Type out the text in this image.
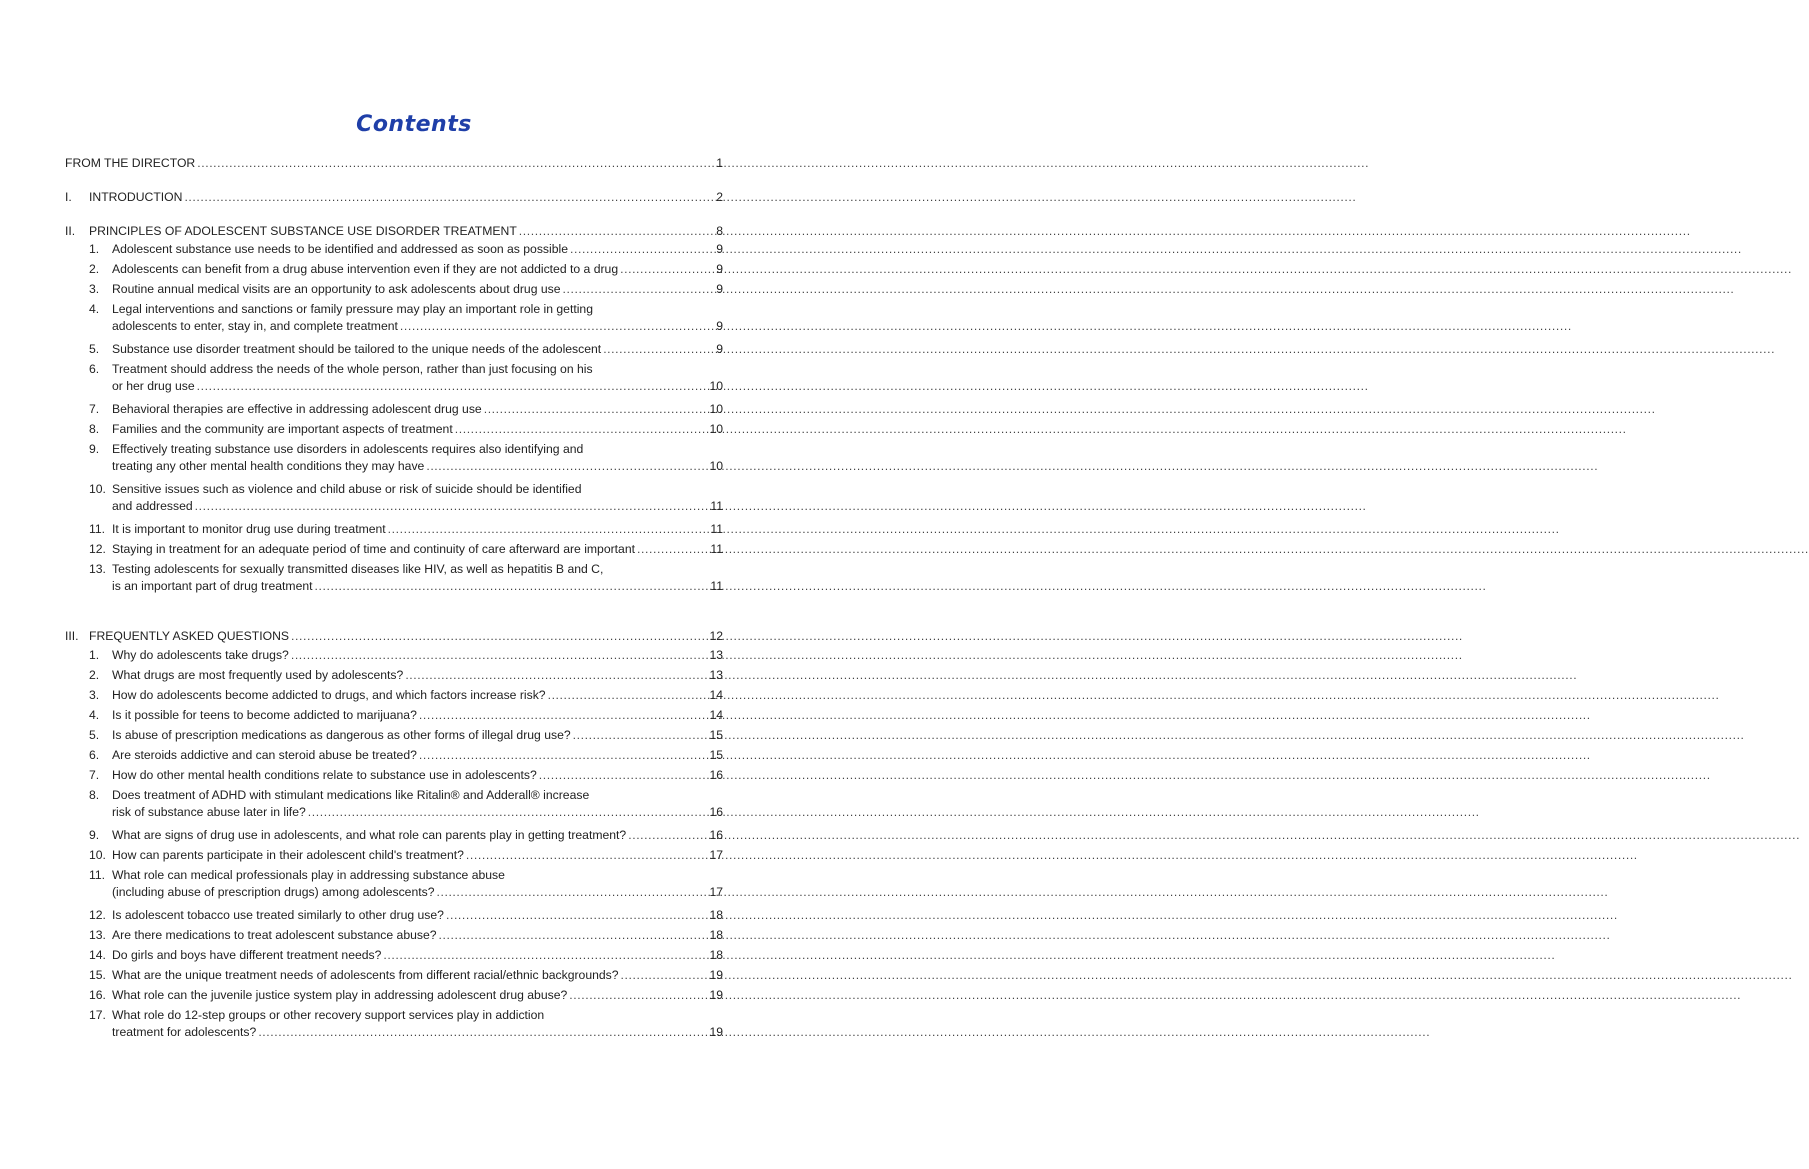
Contents
FROM THE DIRECTOR .....	1
I.	INTRODUCTION .....	2
II.	PRINCIPLES OF ADOLESCENT SUBSTANCE USE DISORDER TREATMENT .....	8
1.	Adolescent substance use needs to be identified and addressed as soon as possible .....	9
2.	Adolescents can benefit from a drug abuse intervention even if they are not addicted to a drug .....	9
3.	Routine annual medical visits are an opportunity to ask adolescents about drug use .....	9
4.	Legal interventions and sanctions or family pressure may play an important role in getting
adolescents to enter, stay in, and complete treatment .....	9
5.	Substance use disorder treatment should be tailored to the unique needs of the adolescent .....	9
6.	Treatment should address the needs of the whole person, rather than just focusing on his
or her drug use .....	10
7.	Behavioral therapies are effective in addressing adolescent drug use .....	10
8.	Families and the community are important aspects of treatment .....	10
9.	Effectively treating substance use disorders in adolescents requires also identifying and
treating any other mental health conditions they may have .....	10
10. Sensitive issues such as violence and child abuse or risk of suicide should be identified
and addressed .....	11
11. It is important to monitor drug use during treatment .....	11
12. Staying in treatment for an adequate period of time and continuity of care afterward are important .....	11
13. Testing adolescents for sexually transmitted diseases like HIV, as well as hepatitis B and C,
is an important part of drug treatment .....	11
III. FREQUENTLY ASKED QUESTIONS .....	12
1.	Why do adolescents take drugs? .....	13
2.	What drugs are most frequently used by adolescents? .....	13
3.	How do adolescents become addicted to drugs, and which factors increase risk? .....	14
4.	Is it possible for teens to become addicted to marijuana? .....	14
5.	Is abuse of prescription medications as dangerous as other forms of illegal drug use? .....	15
6.	Are steroids addictive and can steroid abuse be treated? .....	15
7.	How do other mental health conditions relate to substance use in adolescents? .....	16
8.	Does treatment of ADHD with stimulant medications like Ritalin® and Adderall® increase
risk of substance abuse later in life? .....	16
9.	What are signs of drug use in adolescents, and what role can parents play in getting treatment? .....	16
10. How can parents participate in their adolescent child's treatment? .....	17
11. What role can medical professionals play in addressing substance abuse
(including abuse of prescription drugs) among adolescents? .....	17
12. Is adolescent tobacco use treated similarly to other drug use? .....	18
13. Are there medications to treat adolescent substance abuse? .....	18
14. Do girls and boys have different treatment needs? .....	18
15. What are the unique treatment needs of adolescents from different racial/ethnic backgrounds? .....	19
16. What role can the juvenile justice system play in addressing adolescent drug abuse? .....	19
17. What role do 12-step groups or other recovery support services play in addiction
treatment for adolescents? .....	19
